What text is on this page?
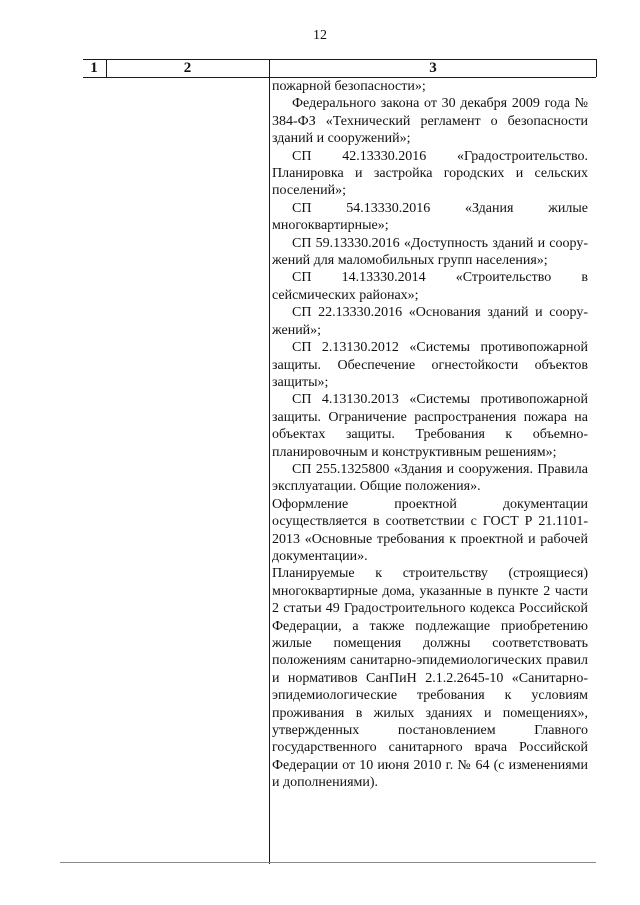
12
1	2	3

пожарной безопасности»;

Федерального закона от 30 декабря 2009 года № 384-ФЗ «Технический регламент о безопасности зданий и сооружений»;

СП 42.13330.2016 «Градостроительство. Планировка и застройка городских и сельских поселений»;

СП 54.13330.2016 «Здания жилые многоквартирные»;

СП 59.13330.2016 «Доступность зданий и соору-жений для маломобильных групп населения»;

СП 14.13330.2014 «Строительство в сейсмических районах»;

СП 22.13330.2016 «Основания зданий и соору-жений»;

СП 2.13130.2012 «Системы противопожарной защиты. Обеспечение огнестойкости объектов защиты»;

СП 4.13130.2013 «Системы противопожарной защиты. Ограничение распространения пожара на объектах защиты. Требования к объемно-планировочным и конструктивным решениям»;

СП 255.1325800 «Здания и сооружения. Правила эксплуатации. Общие положения».

Оформление проектной документации осуществляется в соответствии с ГОСТ Р 21.1101-2013 «Основные требования к проектной и рабочей документации».

Планируемые к строительству (строящиеся) многоквартирные дома, указанные в пункте 2 части 2 статьи 49 Градостроительного кодекса Российской Федерации, а также подлежащие приобретению жилые помещения должны соответствовать положениям санитарно-эпидемиологических правил и нормативов СанПиН 2.1.2.2645-10 «Санитарно-эпидемиологические требования к условиям проживания в жилых зданиях и помещениях», утвержденных постановлением Главного государственного санитарного врача Российской Федерации от 10 июня 2010 г. № 64 (с изменениями и дополнениями).
